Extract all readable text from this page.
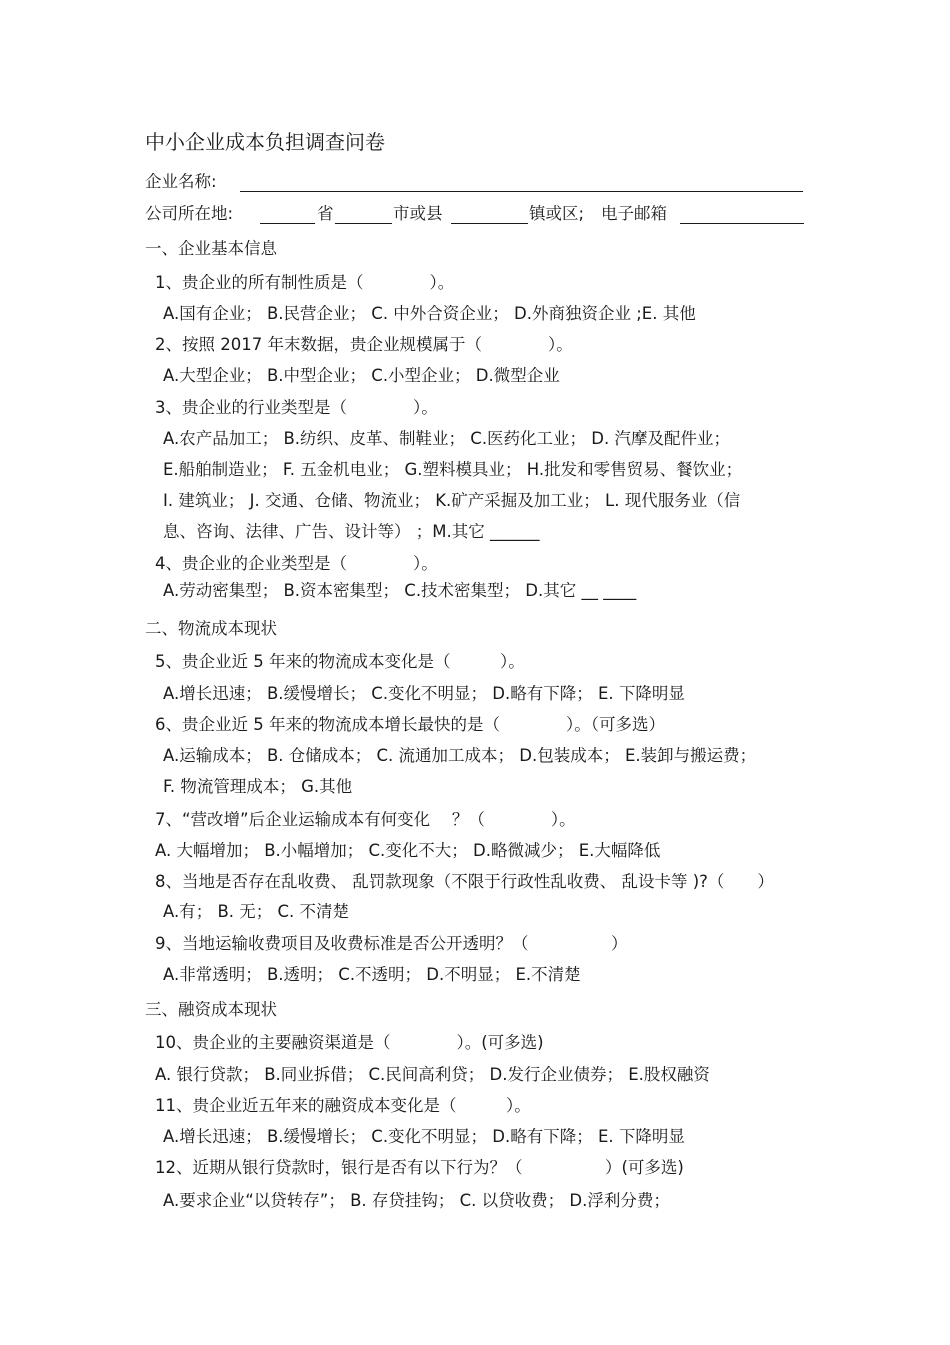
中小企业成本负担调查问卷
企业名称:
公司所在地:	省	市或县	镇或区; 电子邮箱
一、企业基本信息
1、贵企业的所有制性质是（　　　　）。
A.国有企业； B.民营企业； C. 中外合资企业； D.外商独资企业 ;E. 其他
2、按照 2017 年末数据，贵企业规模属于（　　　　）。
A.大型企业； B.中型企业； C.小型企业； D.微型企业
3、贵企业的行业类型是（　　　　）。
A.农产品加工； B.纺织、皮革、制鞋业； C.医药化工业； D. 汽摩及配件业；
E.船舶制造业； F. 五金机电业； G.塑料模具业； H.批发和零售贸易、餐饮业；
I. 建筑业； J. 交通、仓储、物流业； K.矿产采掘及加工业； L. 现代服务业（信
息、咨询、法律、广告、设计等） ；M.其它 ______
4、贵企业的企业类型是（　　　　）。
A.劳动密集型； B.资本密集型； C.技术密集型； D.其它 __ ____
二、物流成本现状
5、贵企业近 5 年来的物流成本变化是（　　　）。
A.增长迅速； B.缓慢增长； C.变化不明显； D.略有下降； E. 下降明显
6、贵企业近 5 年来的物流成本增长最快的是（　　　　）。（可多选）
A.运输成本； B. 仓储成本； C. 流通加工成本； D.包装成本； E.装卸与搬运费；
F. 物流管理成本； G.其他
7、“营改增”后企业运输成本有何变化　 ？（　　　　）。
A. 大幅增加； B.小幅增加； C.变化不大； D.略微减少； E.大幅降低
8、当地是否存在乱收费、 乱罚款现象（不限于行政性乱收费、 乱设卡等 )?（　　）
A.有； B. 无； C. 不清楚
9、当地运输收费项目及收费标准是否公开透明？（　　　　　）
A.非常透明； B.透明； C.不透明； D.不明显； E.不清楚
三、融资成本现状
10、贵企业的主要融资渠道是（　　　　）。(可多选)
A. 银行贷款； B.同业拆借； C.民间高利贷； D.发行企业债券； E.股权融资
11、贵企业近五年来的融资成本变化是（　　　）。
A.增长迅速； B.缓慢增长； C.变化不明显； D.略有下降； E. 下降明显
12、近期从银行贷款时，银行是否有以下行为？（　　　　　）(可多选)
A.要求企业“以贷转存”； B. 存贷挂钩； C. 以贷收费； D.浮利分费；
